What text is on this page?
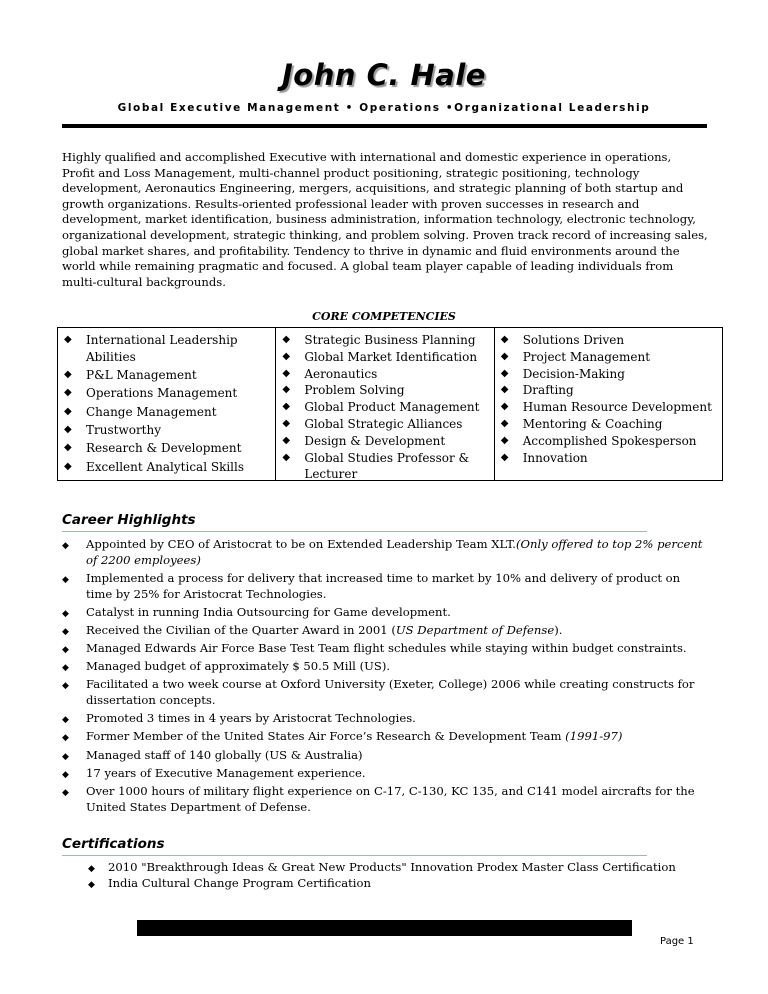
John C. Hale
Global Executive Management • Operations •Organizational Leadership

Highly qualified and accomplished Executive with international and domestic experience in operations,

Profit and Loss Management, multi-channel product positioning, strategic positioning, technology

development, Aeronautics Engineering, mergers, acquisitions, and strategic planning of both startup and

growth organizations. Results-oriented professional leader with proven successes in research and

development, market identification, business administration, information technology, electronic technology,

organizational development, strategic thinking, and problem solving. Proven track record of increasing sales,

global market shares, and profitability. Tendency to thrive in dynamic and fluid environments around the

world while remaining pragmatic and focused. A global team player capable of leading individuals from

multi-cultural backgrounds.

CORE COMPETENCIES
◆ International Leadership Abilities
◆ P&L Management
◆ Operations Management
◆ Change Management
◆ Trustworthy
◆ Research & Development
◆ Excellent Analytical Skills
◆ Strategic Business Planning
◆ Global Market Identification
◆ Aeronautics
◆ Problem Solving
◆ Global Product Management
◆ Global Strategic Alliances
◆ Design & Development
◆ Global Studies Professor & Lecturer
◆ Solutions Driven
◆ Project Management
◆ Decision-Making
◆ Drafting
◆ Human Resource Development
◆ Mentoring & Coaching
◆ Accomplished Spokesperson
◆ Innovation
Career Highlights
◆ Appointed by CEO of Aristocrat to be on Extended Leadership Team XLT.(Only offered to top 2% percent
of 2200 employees)
◆ Implemented a process for delivery that increased time to market by 10% and delivery of product on
time by 25% for Aristocrat Technologies.
◆ Catalyst in running India Outsourcing for Game development.
◆ Received the Civilian of the Quarter Award in 2001 (US Department of Defense).
◆ Managed Edwards Air Force Base Test Team flight schedules while staying within budget constraints.
◆ Managed budget of approximately $ 50.5 Mill (US).
◆ Facilitated a two week course at Oxford University (Exeter, College) 2006 while creating constructs for
dissertation concepts.
◆ Promoted 3 times in 4 years by Aristocrat Technologies.
◆ Former Member of the United States Air Force’s Research & Development Team (1991-97)
◆ Managed staff of 140 globally (US & Australia)
◆ 17 years of Executive Management experience.
◆ Over 1000 hours of military flight experience on C-17, C-130, KC 135, and C141 model aircrafts for the
United States Department of Defense.
Certifications
◆ 2010 "Breakthrough Ideas & Great New Products" Innovation Prodex Master Class Certification
◆ India Cultural Change Program Certification
Page 1
